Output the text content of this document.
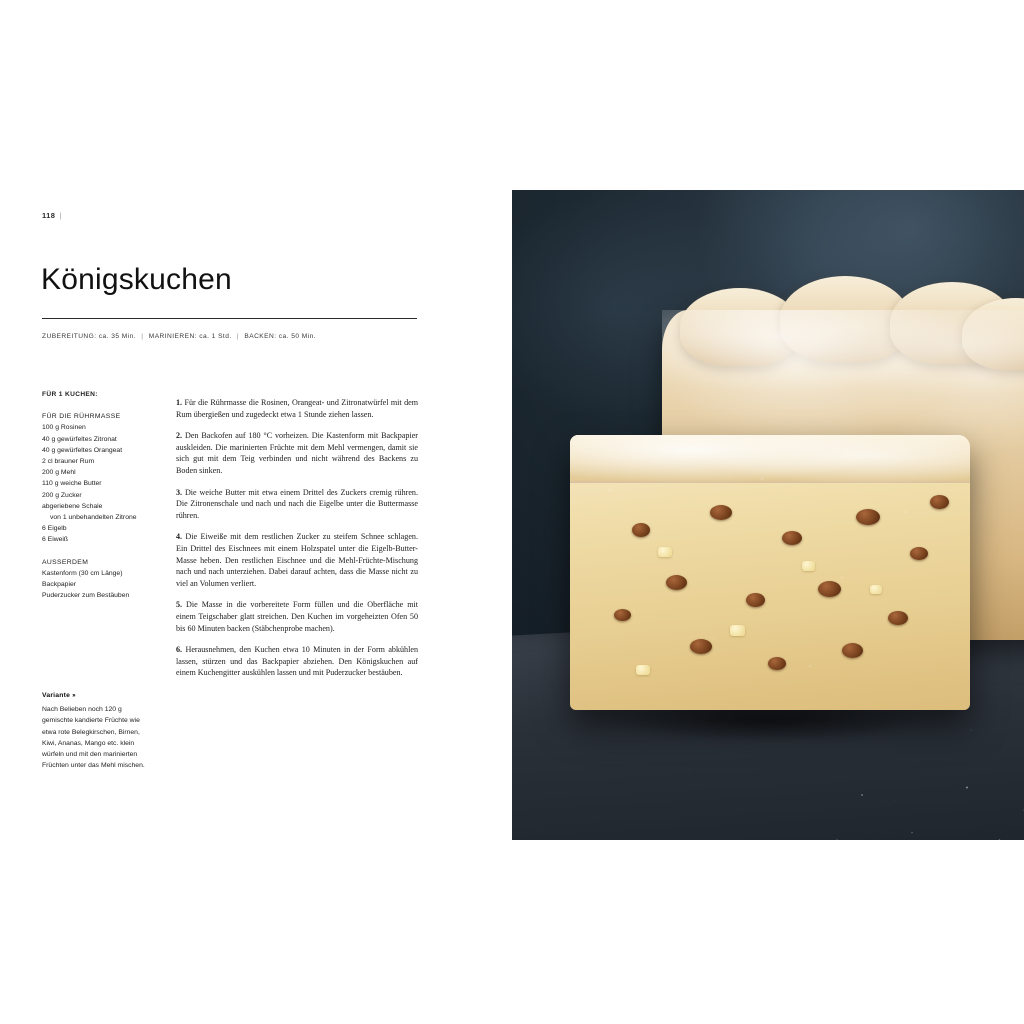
118 |
Königskuchen
ZUBEREITUNG: ca. 35 Min. | MARINIEREN: ca. 1 Std. | BACKEN: ca. 50 Min.
FÜR 1 KUCHEN:
FÜR DIE RÜHRMASSE
100 g Rosinen
40 g gewürfeltes Zitronat
40 g gewürfeltes Orangeat
2 cl brauner Rum
200 g Mehl
110 g weiche Butter
200 g Zucker
abgeriebene Schale
von 1 unbehandelten Zitrone
6 Eigelb
6 Eiweiß
AUSSERDEM
Kastenform (30 cm Länge)
Backpapier
Puderzucker zum Bestäuben
Variante ››
Nach Belieben noch 120 g gemischte kandierte Früchte wie etwa rote Belegkirschen, Birnen, Kiwi, Ananas, Mango etc. klein würfeln und mit den marinierten Früchten unter das Mehl mischen.

1. Für die Rührmasse die Rosinen, Orangeat- und Zitronatwürfel mit dem Rum übergießen und zugedeckt etwa 1 Stunde ziehen lassen.

2. Den Backofen auf 180 °C vorheizen. Die Kastenform mit Backpapier auskleiden. Die marinierten Früchte mit dem Mehl vermengen, damit sie sich gut mit dem Teig verbinden und nicht während des Backens zu Boden sinken.

3. Die weiche Butter mit etwa einem Drittel des Zuckers cremig rühren. Die Zitronenschale und nach und nach die Eigelbe unter die Buttermasse rühren.

4. Die Eiweiße mit dem restlichen Zucker zu steifem Schnee schlagen. Ein Drittel des Eischnees mit einem Holzspatel unter die Eigelb-Butter-Masse heben. Den restlichen Eischnee und die Mehl-Früchte-Mischung nach und nach unterziehen. Dabei darauf achten, dass die Masse nicht zu viel an Volumen verliert.

5. Die Masse in die vorbereitete Form füllen und die Oberfläche mit einem Teigschaber glatt streichen. Den Kuchen im vorgeheizten Ofen 50 bis 60 Minuten backen (Stäbchenprobe machen).

6. Herausnehmen, den Kuchen etwa 10 Minuten in der Form abkühlen lassen, stürzen und das Backpapier abziehen. Den Königskuchen auf einem Kuchengitter auskühlen lassen und mit Puderzucker bestäuben.
